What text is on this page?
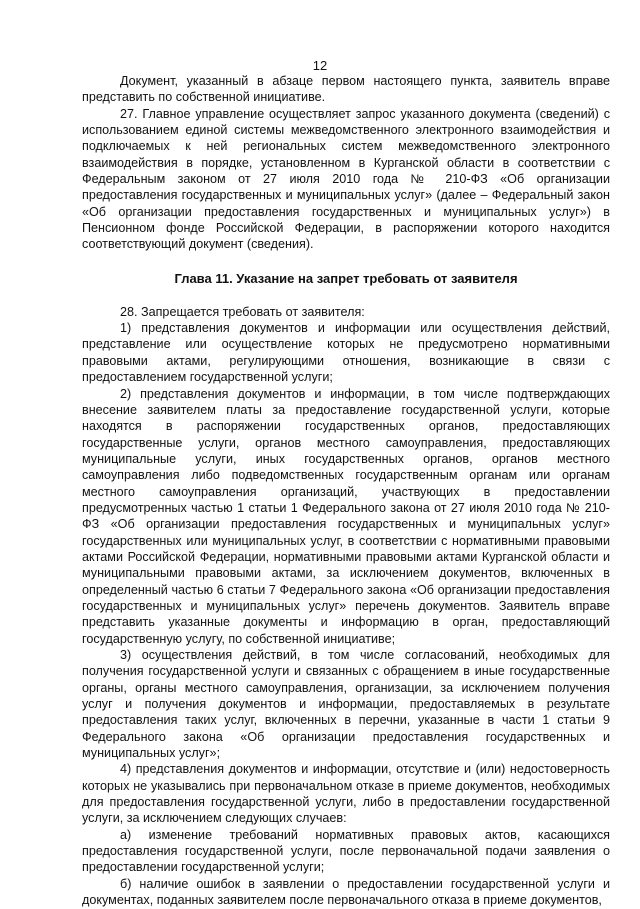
12

Документ, указанный в абзаце первом настоящего пункта, заявитель вправе представить по собственной инициативе.

27. Главное управление осуществляет запрос указанного документа (сведений) с использованием единой системы межведомственного электронного взаимодействия и подключаемых к ней региональных систем межведомственного электронного взаимодействия в порядке, установленном в Курганской области в соответствии с Федеральным законом от 27 июля 2010 года № 210-ФЗ «Об организации предоставления государственных и муниципальных услуг» (далее – Федеральный закон «Об организации предоставления государственных и муниципальных услуг») в Пенсионном фонде Российской Федерации, в распоряжении которого находится соответствующий документ (сведения).

Глава 11. Указание на запрет требовать от заявителя

28. Запрещается требовать от заявителя:

1) представления документов и информации или осуществления действий, представление или осуществление которых не предусмотрено нормативными правовыми актами, регулирующими отношения, возникающие в связи с предоставлением государственной услуги;

2) представления документов и информации, в том числе подтверждающих внесение заявителем платы за предоставление государственной услуги, которые находятся в распоряжении государственных органов, предоставляющих государственные услуги, органов местного самоуправления, предоставляющих муниципальные услуги, иных государственных органов, органов местного самоуправления либо подведомственных государственным органам или органам местного самоуправления организаций, участвующих в предоставлении предусмотренных частью 1 статьи 1 Федерального закона от 27 июля 2010 года № 210-ФЗ «Об организации предоставления государственных и муниципальных услуг» государственных или муниципальных услуг, в соответствии с нормативными правовыми актами Российской Федерации, нормативными правовыми актами Курганской области и муниципальными правовыми актами, за исключением документов, включенных в определенный частью 6 статьи 7 Федерального закона «Об организации предоставления государственных и муниципальных услуг» перечень документов. Заявитель вправе представить указанные документы и информацию в орган, предоставляющий государственную услугу, по собственной инициативе;

3) осуществления действий, в том числе согласований, необходимых для получения государственной услуги и связанных с обращением в иные государственные органы, органы местного самоуправления, организации, за исключением получения услуг и получения документов и информации, предоставляемых в результате предоставления таких услуг, включенных в перечни, указанные в части 1 статьи 9 Федерального закона «Об организации предоставления государственных и муниципальных услуг»;

4) представления документов и информации, отсутствие и (или) недостоверность которых не указывались при первоначальном отказе в приеме документов, необходимых для предоставления государственной услуги, либо в предоставлении государственной услуги, за исключением следующих случаев:

а) изменение требований нормативных правовых актов, касающихся предоставления государственной услуги, после первоначальной подачи заявления о предоставлении государственной услуги;

б) наличие ошибок в заявлении о предоставлении государственной услуги и документах, поданных заявителем после первоначального отказа в приеме документов,
